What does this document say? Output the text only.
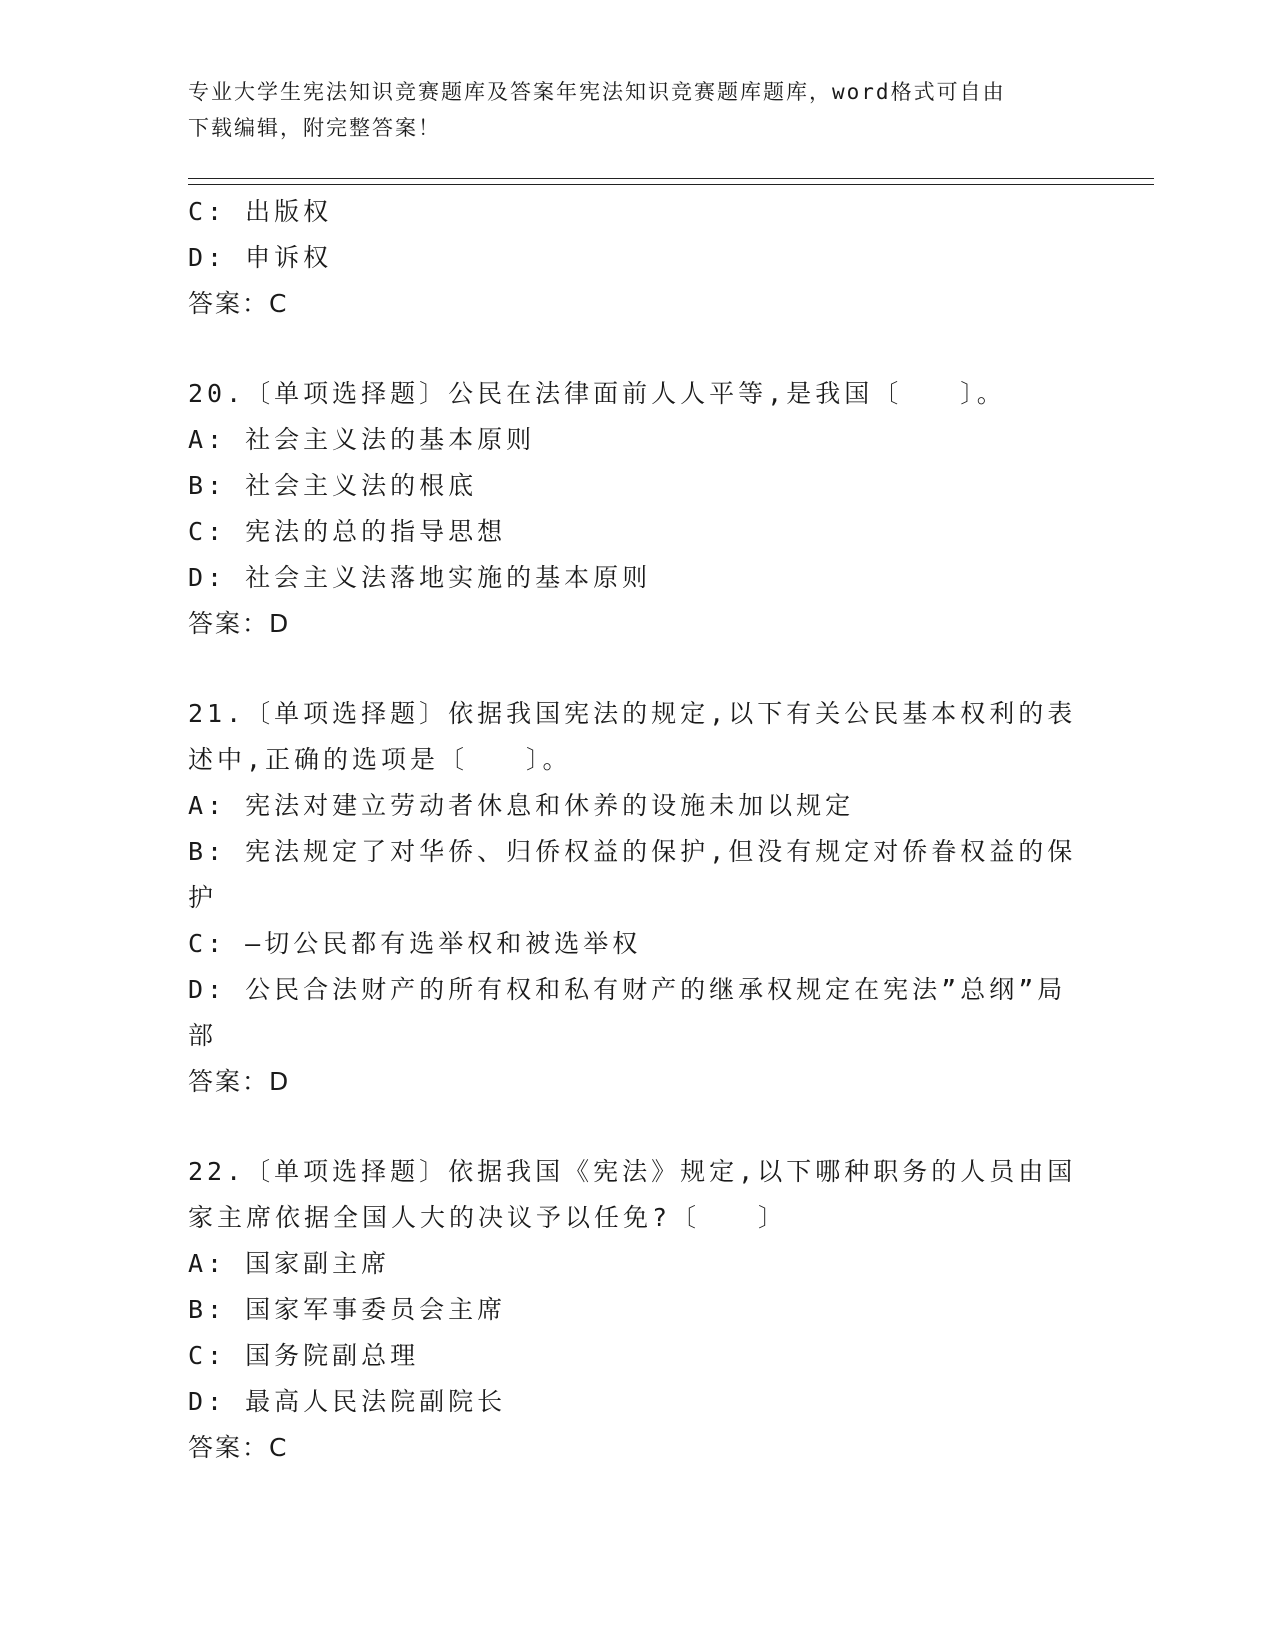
专业大学生宪法知识竞赛题库及答案年宪法知识竞赛题库题库，word格式可自由
下载编辑，附完整答案！
C: 出版权
D: 申诉权
答案：C
20.〔单项选择题〕公民在法律面前人人平等,是我国〔　　〕。
A: 社会主义法的基本原则
B: 社会主义法的根底
C: 宪法的总的指导思想
D: 社会主义法落地实施的基本原则
答案：D
21.〔单项选择题〕依据我国宪法的规定,以下有关公民基本权利的表
述中,正确的选项是〔　　〕。
A: 宪法对建立劳动者休息和休养的设施未加以规定
B: 宪法规定了对华侨、归侨权益的保护,但没有规定对侨眷权益的保
护
C: —切公民都有选举权和被选举权
D: 公民合法财产的所有权和私有财产的继承权规定在宪法”总纲”局
部
答案：D
22.〔单项选择题〕依据我国《宪法》规定,以下哪种职务的人员由国
家主席依据全国人大的决议予以任免?〔　　〕
A: 国家副主席
B: 国家军事委员会主席
C: 国务院副总理
D: 最高人民法院副院长
答案：C
